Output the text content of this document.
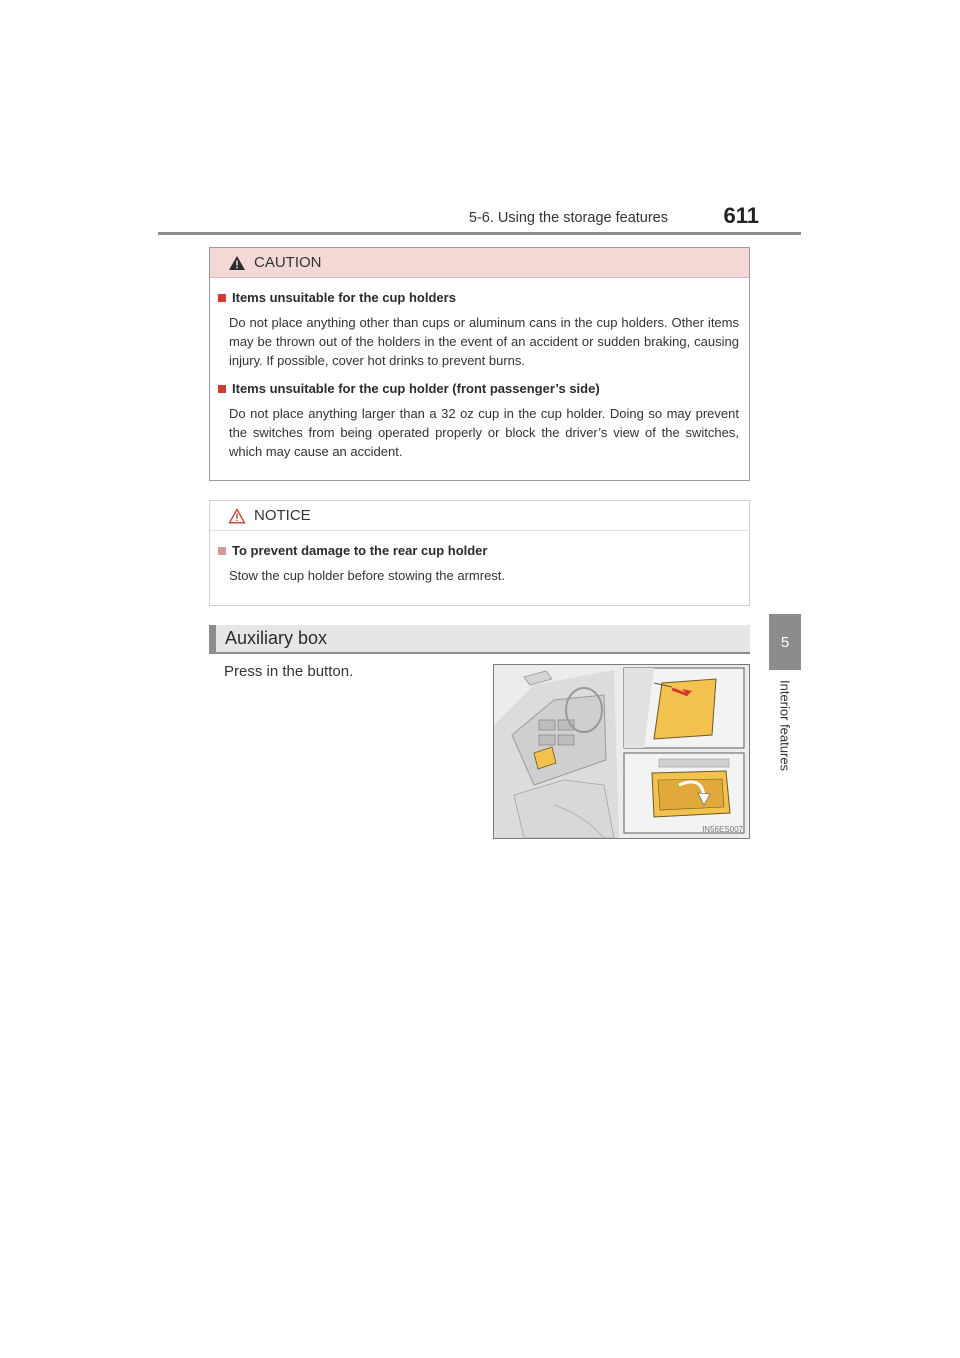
5-6. Using the storage features	611
5
Interior features
CAUTION
Items unsuitable for the cup holders
Do not place anything other than cups or aluminum cans in the cup holders. Other items may be thrown out of the holders in the event of an accident or sudden braking, causing injury. If possible, cover hot drinks to prevent burns.
Items unsuitable for the cup holder (front passenger’s side)
Do not place anything larger than a 32 oz cup in the cup holder. Doing so may prevent the switches from being operated properly or block the driver’s view of the switches, which may cause an accident.
NOTICE
To prevent damage to the rear cup holder
Stow the cup holder before stowing the armrest.
Auxiliary box
Press in the button.
IN56ES007
